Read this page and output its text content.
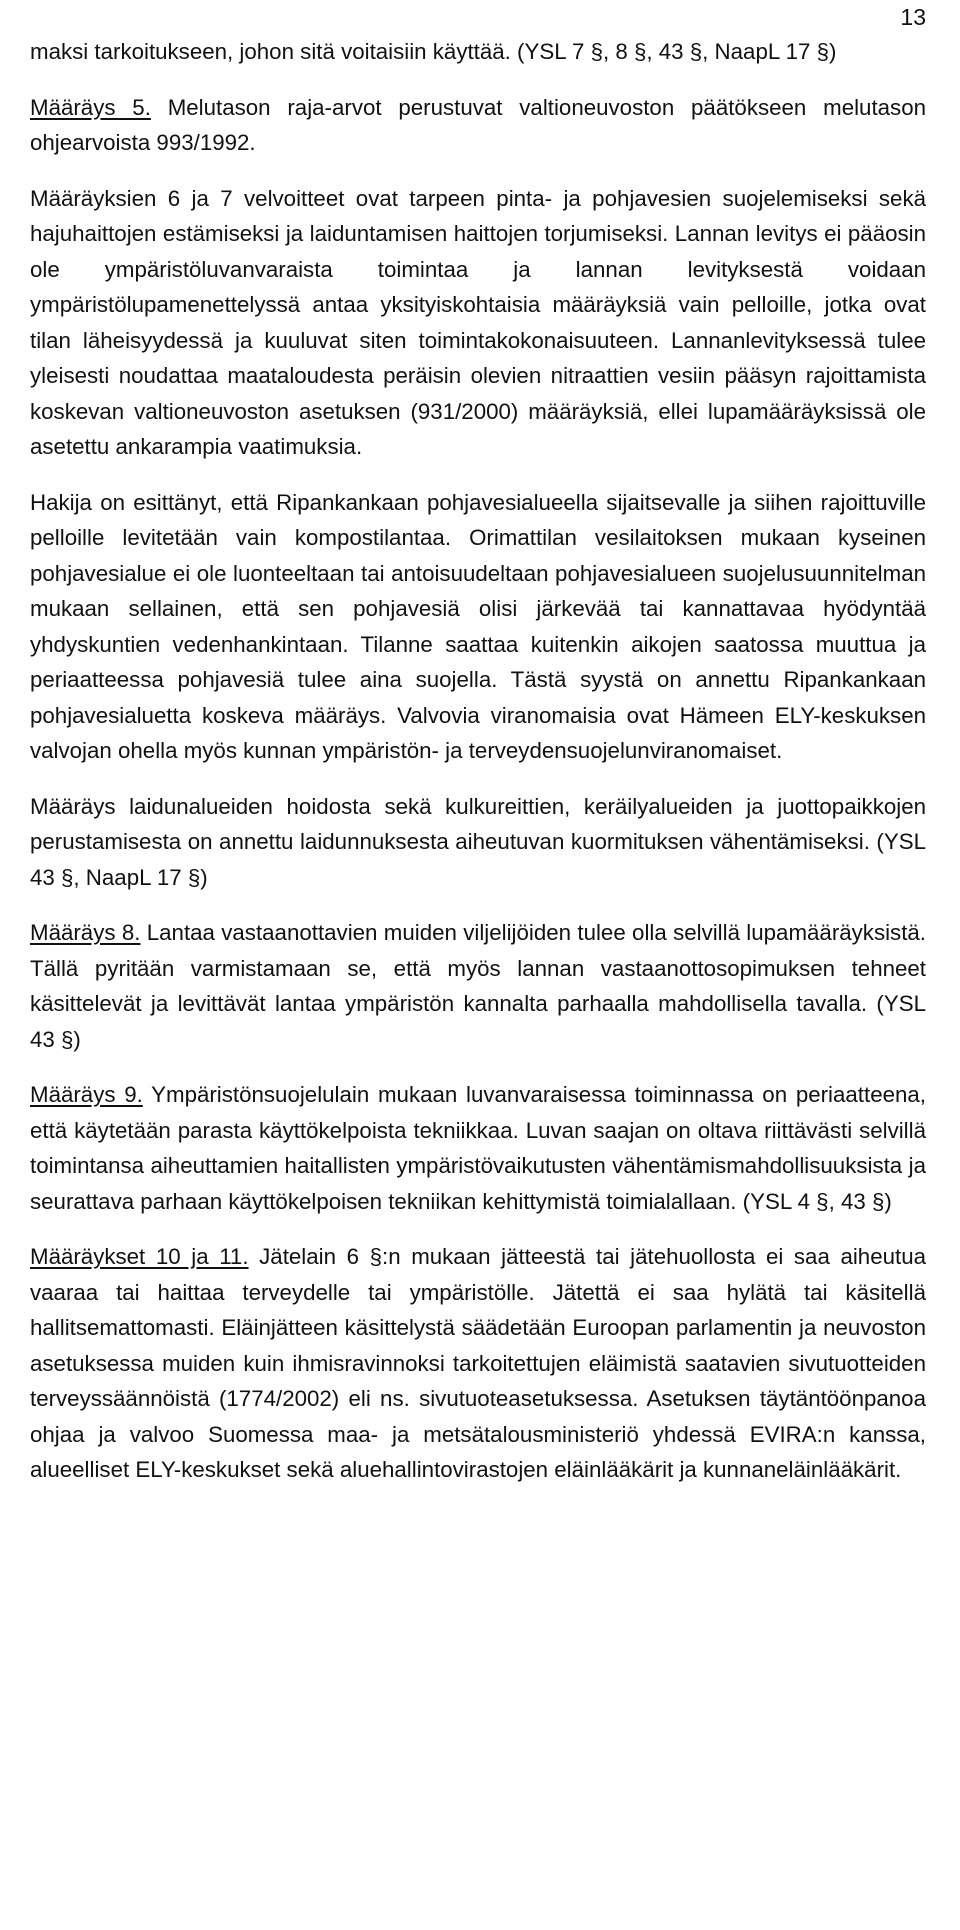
13

maksi tarkoitukseen, johon sitä voitaisiin käyttää. (YSL 7 §, 8 §, 43 §, NaapL 17 §)

Määräys 5. Melutason raja-arvot perustuvat valtioneuvoston päätökseen melutason ohjearvoista 993/1992.

Määräyksien 6 ja 7 velvoitteet ovat tarpeen pinta- ja pohjavesien suojelemiseksi sekä hajuhaittojen estämiseksi ja laiduntamisen haittojen torjumiseksi. Lannan levitys ei pääosin ole ympäristöluvanvaraista toimintaa ja lannan levityksestä voidaan ympäristölupamenettelyssä antaa yksityiskohtaisia määräyksiä vain pelloille, jotka ovat tilan läheisyydessä ja kuuluvat siten toimintakokonaisuuteen. Lannanlevityksessä tulee yleisesti noudattaa maataloudesta peräisin olevien nitraattien vesiin pääsyn rajoittamista koskevan valtioneuvoston asetuksen (931/2000) määräyksiä, ellei lupamääräyksissä ole asetettu ankarampia vaatimuksia.

Hakija on esittänyt, että Ripankankaan pohjavesialueella sijaitsevalle ja siihen rajoittuville pelloille levitetään vain kompostilantaa. Orimattilan vesilaitoksen mukaan kyseinen pohjavesialue ei ole luonteeltaan tai antoisuudeltaan pohjavesialueen suojelusuunnitelman mukaan sellainen, että sen pohjavesiä olisi järkevää tai kannattavaa hyödyntää yhdyskuntien vedenhankintaan. Tilanne saattaa kuitenkin aikojen saatossa muuttua ja periaatteessa pohjavesiä tulee aina suojella. Tästä syystä on annettu Ripankankaan pohjavesialuetta koskeva määräys. Valvovia viranomaisia ovat Hämeen ELY-keskuksen valvojan ohella myös kunnan ympäristön- ja terveydensuojelunviranomaiset.

Määräys laidunalueiden hoidosta sekä kulkureittien, keräilyalueiden ja juottopaikkojen perustamisesta on annettu laidunnuksesta aiheutuvan kuormituksen vähentämiseksi. (YSL 43 §, NaapL 17 §)

Määräys 8. Lantaa vastaanottavien muiden viljelijöiden tulee olla selvillä lupamääräyksistä. Tällä pyritään varmistamaan se, että myös lannan vastaanottosopimuksen tehneet käsittelevät ja levittävät lantaa ympäristön kannalta parhaalla mahdollisella tavalla. (YSL 43 §)

Määräys 9. Ympäristönsuojelulain mukaan luvanvaraisessa toiminnassa on periaatteena, että käytetään parasta käyttökelpoista tekniikkaa. Luvan saajan on oltava riittävästi selvillä toimintansa aiheuttamien haitallisten ympäristövaikutusten vähentämismahdollisuuksista ja seurattava parhaan käyttökelpoisen tekniikan kehittymistä toimialallaan. (YSL 4 §, 43 §)

Määräykset 10 ja 11. Jätelain 6 §:n mukaan jätteestä tai jätehuollosta ei saa aiheutua vaaraa tai haittaa terveydelle tai ympäristölle. Jätettä ei saa hylätä tai käsitellä hallitsemattomasti. Eläinjätteen käsittelystä säädetään Euroopan parlamentin ja neuvoston asetuksessa muiden kuin ihmisravinnoksi tarkoitettujen eläimistä saatavien sivutuotteiden terveyssäännöistä (1774/2002) eli ns. sivutuoteasetuksessa. Asetuksen täytäntöönpanoa ohjaa ja valvoo Suomessa maa- ja metsätalousministeriö yhdessä EVIRA:n kanssa, alueelliset ELY-keskukset sekä aluehallintovirastojen eläinlääkärit ja kunnaneläinlääkärit.
